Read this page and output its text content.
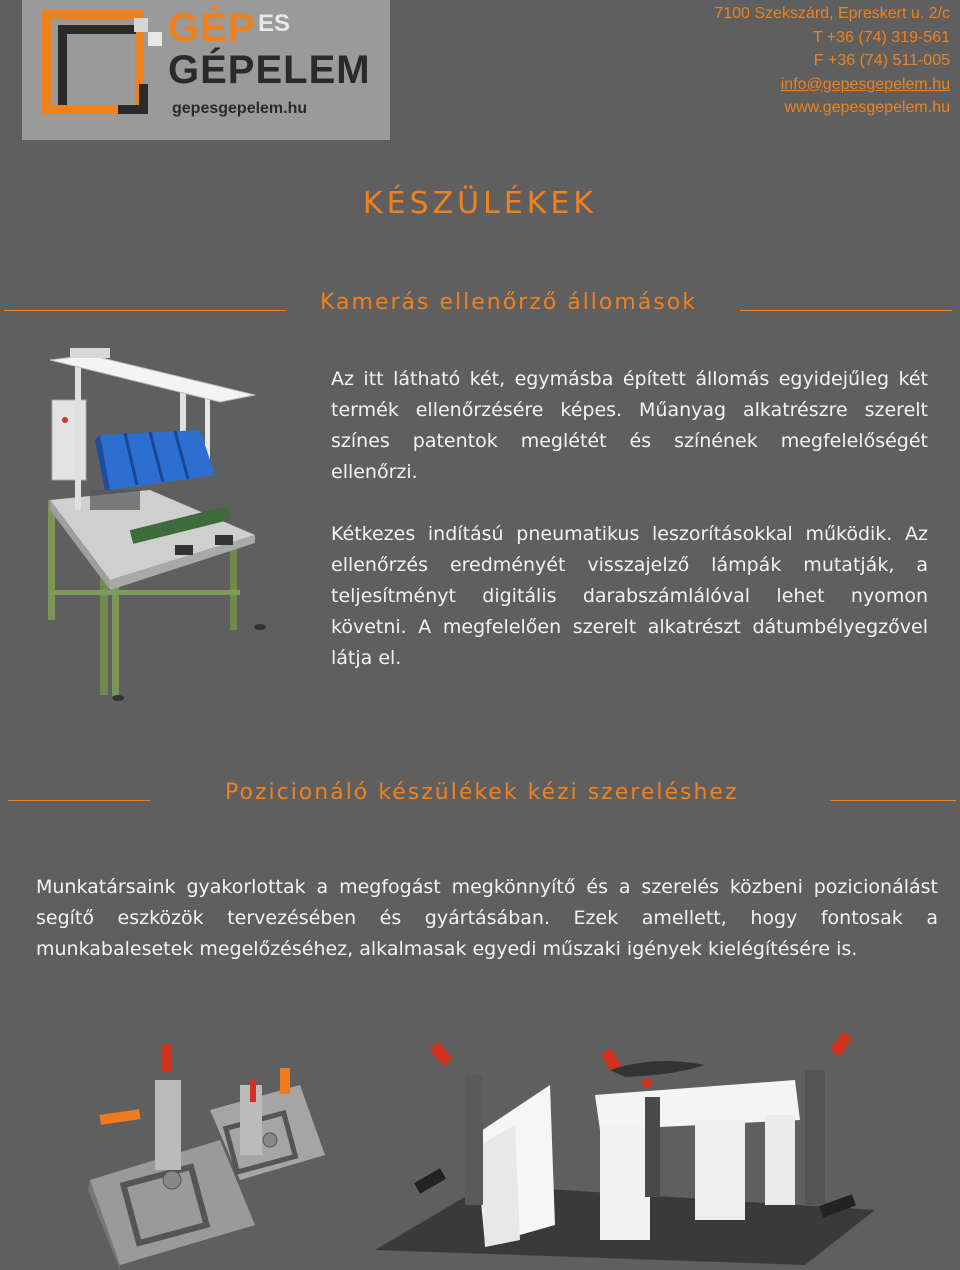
GÉP ES
GÉPELEM
gepesgepelem.hu
7100 Szekszárd, Epreskert u. 2/c
T +36 (74) 319-561
F +36 (74) 511-005
info@gepesgepelem.hu
www.gepesgepelem.hu
KÉSZÜLÉKEK
Kamerás ellenőrző állomások
Az itt látható két, egymásba épített állomás egyidejűleg két termék ellenőrzésére képes. Műanyag alkatrészre szerelt színes patentok meglétét és színének megfelelőségét ellenőrzi.
Kétkezes indítású pneumatikus leszorításokkal működik. Az ellenőrzés eredményét visszajelző lámpák mutatják, a teljesítményt digitális darabszámlálóval lehet nyomon követni. A megfelelően szerelt alkatrészt dátumbélyegzővel látja el.
Pozicionáló készülékek kézi szereléshez
Munkatársaink gyakorlottak a megfogást megkönnyítő és a szerelés közbeni pozicionálást segítő eszközök tervezésében és gyártásában. Ezek amellett, hogy fontosak a munkabalesetek megelőzéséhez, alkalmasak egyedi műszaki igények kielégítésére is.
